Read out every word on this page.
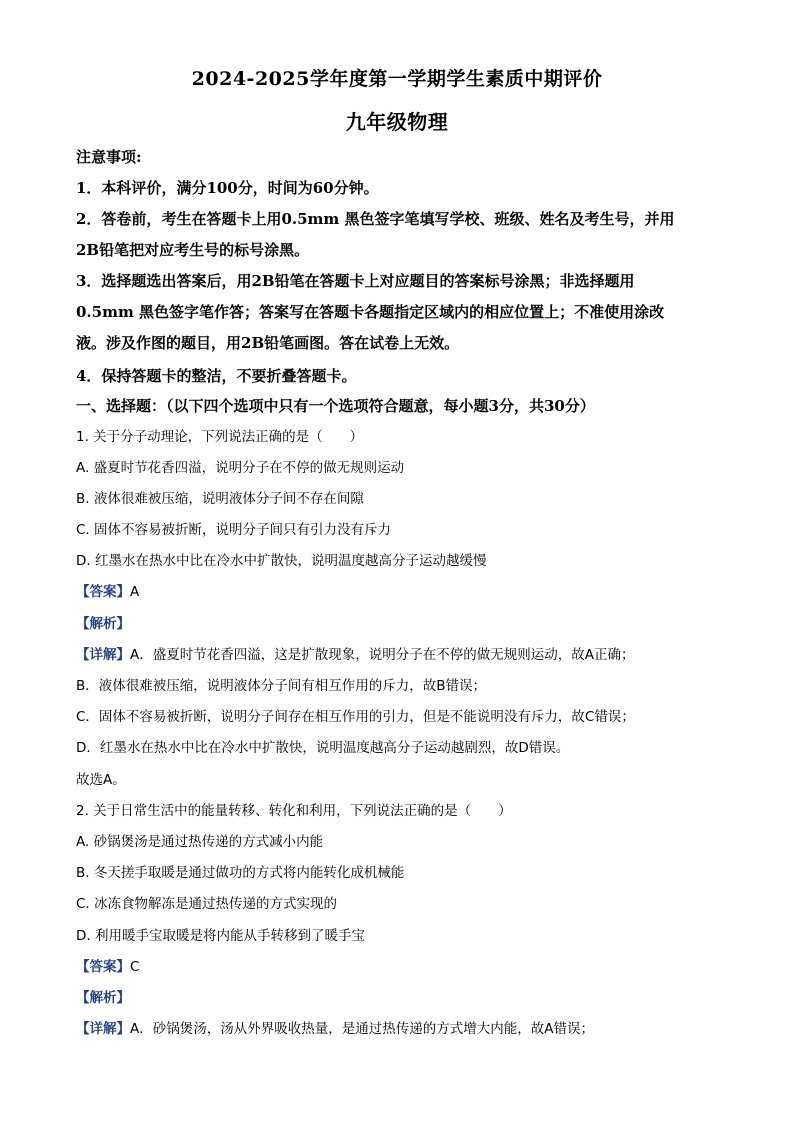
2024-2025学年度第一学期学生素质中期评价
九年级物理
注意事项:
1．本科评价，满分100分，时间为60分钟。
2．答卷前，考生在答题卡上用0.5mm 黑色签字笔填写学校、班级、姓名及考生号，并用
2B铅笔把对应考生号的标号涂黑。
3．选择题选出答案后，用2B铅笔在答题卡上对应题目的答案标号涂黑；非选择题用
0.5mm 黑色签字笔作答；答案写在答题卡各题指定区域内的相应位置上；不准使用涂改
液。涉及作图的题目，用2B铅笔画图。答在试卷上无效。
4．保持答题卡的整洁，不要折叠答题卡。
一、选择题：（以下四个选项中只有一个选项符合题意，每小题3分，共30分）
1. 关于分子动理论，下列说法正确的是（　　）
A. 盛夏时节花香四溢，说明分子在不停的做无规则运动
B. 液体很难被压缩，说明液体分子间不存在间隙
C. 固体不容易被折断，说明分子间只有引力没有斥力
D. 红墨水在热水中比在冷水中扩散快，说明温度越高分子运动越缓慢
【答案】A
【解析】
【详解】A．盛夏时节花香四溢，这是扩散现象，说明分子在不停的做无规则运动，故A正确；
B．液体很难被压缩，说明液体分子间有相互作用的斥力，故B错误；
C．固体不容易被折断，说明分子间存在相互作用的引力，但是不能说明没有斥力，故C错误；
D．红墨水在热水中比在冷水中扩散快，说明温度越高分子运动越剧烈，故D错误。
故选A。
2. 关于日常生活中的能量转移、转化和利用，下列说法正确的是（　　）
A. 砂锅煲汤是通过热传递的方式减小内能
B. 冬天搓手取暖是通过做功的方式将内能转化成机械能
C. 冰冻食物解冻是通过热传递的方式实现的
D. 利用暖手宝取暖是将内能从手转移到了暖手宝
【答案】C
【解析】
【详解】A．砂锅煲汤，汤从外界吸收热量，是通过热传递的方式增大内能，故A错误；
